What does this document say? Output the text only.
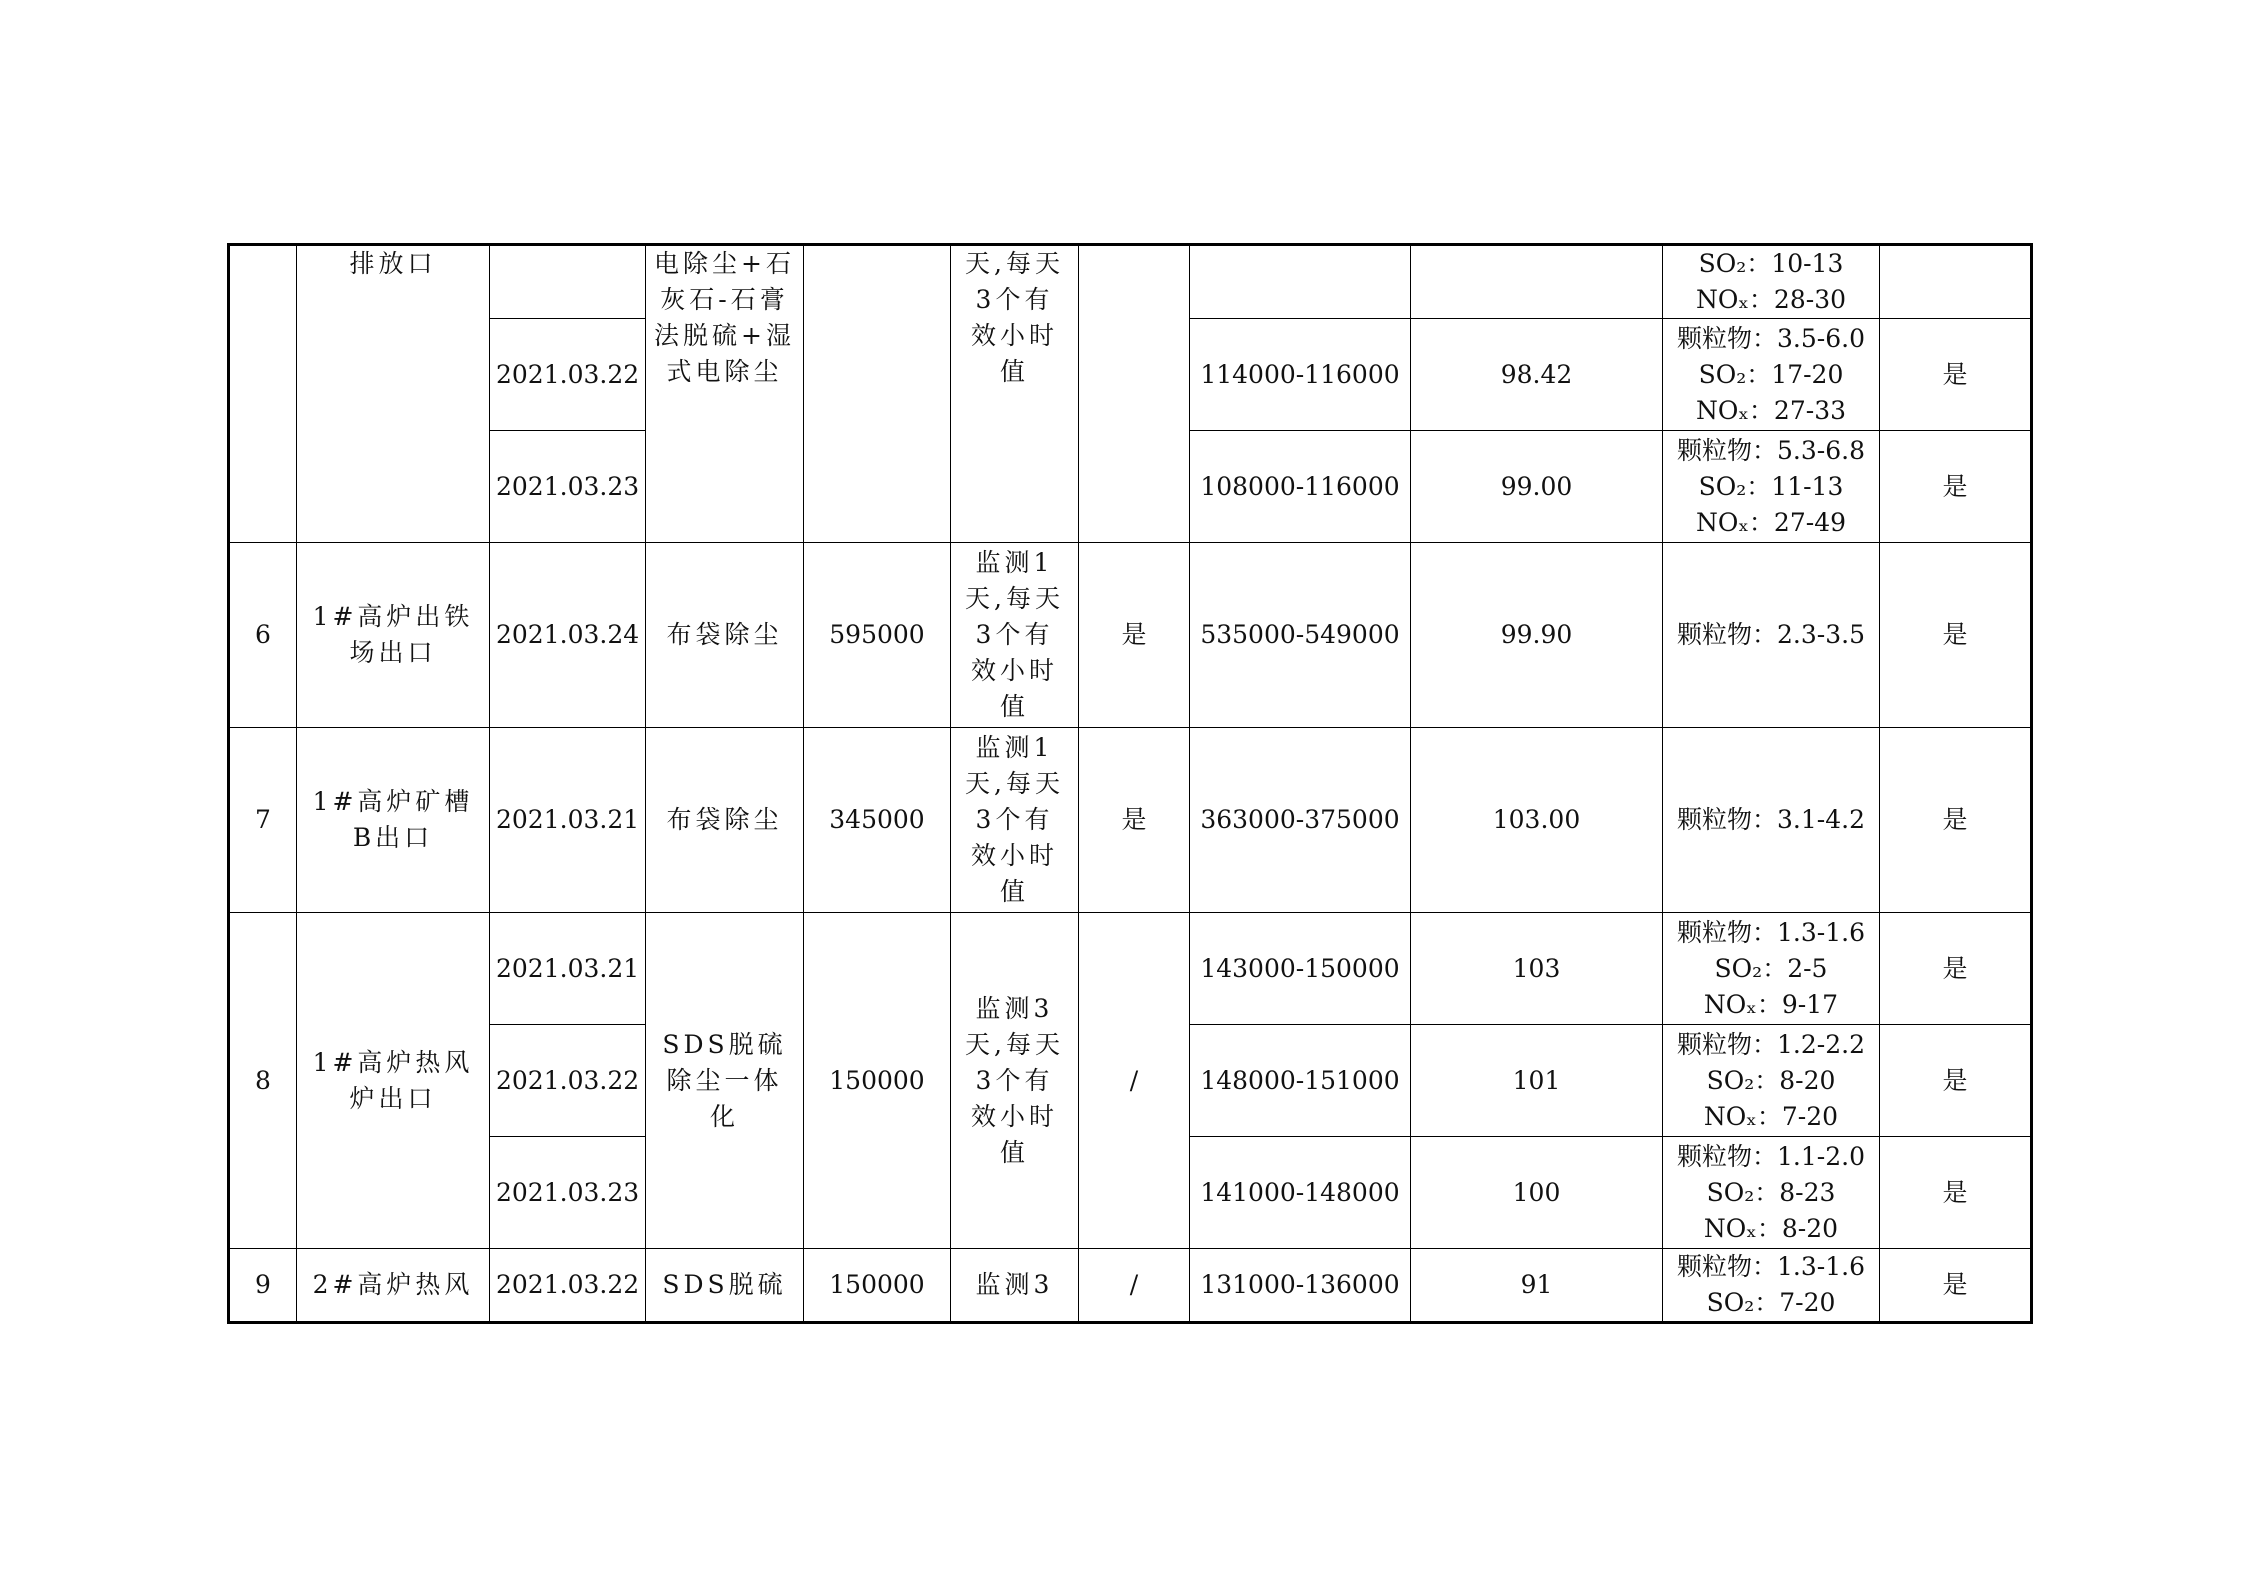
	排放口		电除尘+石
灰石-石膏
法脱硫+湿
式电除尘		天,每天
3个有
效小时
值				SO₂：10-13
NOₓ：28-30	
		2021.03.22					114000-116000	98.42	颗粒物：3.5-6.0
SO₂：17-20
NOₓ：27-33	是
		2021.03.23					108000-116000	99.00	颗粒物：5.3-6.8
SO₂：11-13
NOₓ：27-49	是
6	1#高炉出铁
场出口	2021.03.24	布袋除尘	595000	监测1
天,每天
3个有
效小时
值	是	535000-549000	99.90	颗粒物：2.3-3.5	是
7	1#高炉矿槽
B出口	2021.03.21	布袋除尘	345000	监测1
天,每天
3个有
效小时
值	是	363000-375000	103.00	颗粒物：3.1-4.2	是
8	1#高炉热风
炉出口	2021.03.21	SDS脱硫
除尘一体
化	150000	监测3
天,每天
3个有
效小时
值	/	143000-150000	103	颗粒物：1.3-1.6
SO₂：2-5
NOₓ：9-17	是
		2021.03.22					148000-151000	101	颗粒物：1.2-2.2
SO₂：8-20
NOₓ：7-20	是
		2021.03.23					141000-148000	100	颗粒物：1.1-2.0
SO₂：8-23
NOₓ：8-20	是
9	2#高炉热风	2021.03.22	SDS脱硫	150000	监测3	/	131000-136000	91	颗粒物：1.3-1.6
SO₂：7-20	是
